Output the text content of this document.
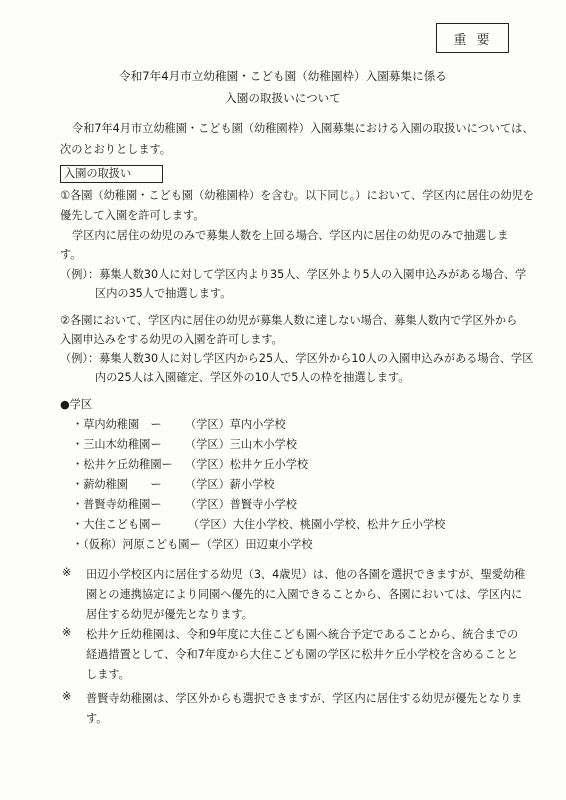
重要
令和7年4月市立幼稚園・こども園（幼稚園枠）入園募集に係る
入園の取扱いについて
令和7年4月市立幼稚園・こども園（幼稚園枠）入園募集における入園の取扱いについては、
次のとおりとします。
入園の取扱い
①各園（幼稚園・こども園（幼稚園枠）を含む。以下同じ。）において、学区内に居住の幼児を
優先して入園を許可します。
学区内に居住の幼児のみで募集人数を上回る場合、学区内に居住の幼児のみで抽選しま
す。
（例）：募集人数30人に対して学区内より35人、学区外より5人の入園申込みがある場合、学
区内の35人で抽選します。
②各園において、学区内に居住の幼児が募集人数に達しない場合、募集人数内で学区外から
入園申込みをする幼児の入園を許可します。
（例）：募集人数30人に対し学区内から25人、学区外から10人の入園申込みがある場合、学区
内の25人は入園確定、学区外の10人で5人の枠を抽選します。
●学区
・草内幼稚園　ー （学区）草内小学校
・三山木幼稚園ー （学区）三山木小学校
・松井ケ丘幼稚園ー （学区）松井ケ丘小学校
・薪幼稚園　　ー （学区）薪小学校
・普賢寺幼稚園ー （学区）普賢寺小学校
・大住こども園ー （学区）大住小学校、桃園小学校、松井ケ丘小学校
・（仮称）河原こども園ー（学区）田辺東小学校
※ 田辺小学校区内に居住する幼児（3、4歳児）は、他の各園を選択できますが、聖愛幼稚
園との連携協定により同園へ優先的に入園できることから、各園においては、学区内に
居住する幼児が優先となります。
※ 松井ケ丘幼稚園は、令和9年度に大住こども園へ統合予定であることから、統合までの
経過措置として、令和7年度から大住こども園の学区に松井ケ丘小学校を含めることと
します。
※ 普賢寺幼稚園は、学区外からも選択できますが、学区内に居住する幼児が優先となりま
す。
